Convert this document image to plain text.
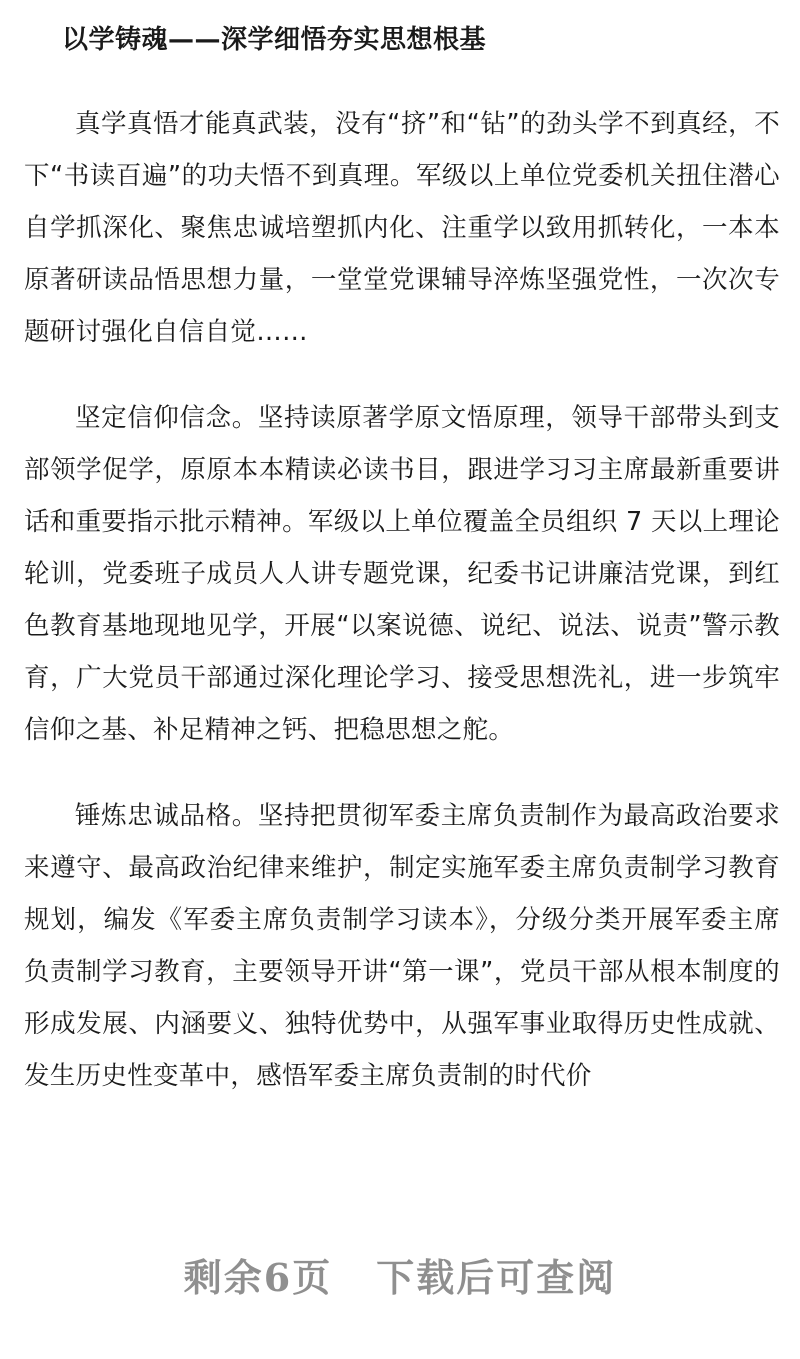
以学铸魂——深学细悟夯实思想根基

真学真悟才能真武装，没有“挤”和“钻”的劲头学不到真经，不下“书读百遍”的功夫悟不到真理。军级以上单位党委机关扭住潜心自学抓深化、聚焦忠诚培塑抓内化、注重学以致用抓转化，一本本原著研读品悟思想力量，一堂堂党课辅导淬炼坚强党性，一次次专题研讨强化自信自觉……

坚定信仰信念。坚持读原著学原文悟原理，领导干部带头到支部领学促学，原原本本精读必读书目，跟进学习习主席最新重要讲话和重要指示批示精神。军级以上单位覆盖全员组织 7 天以上理论轮训，党委班子成员人人讲专题党课，纪委书记讲廉洁党课，到红色教育基地现地见学，开展“以案说德、说纪、说法、说责”警示教育，广大党员干部通过深化理论学习、接受思想洗礼，进一步筑牢信仰之基、补足精神之钙、把稳思想之舵。

锤炼忠诚品格。坚持把贯彻军委主席负责制作为最高政治要求来遵守、最高政治纪律来维护，制定实施军委主席负责制学习教育规划，编发《军委主席负责制学习读本》，分级分类开展军委主席负责制学习教育，主要领导开讲“第一课”，党员干部从根本制度的形成发展、内涵要义、独特优势中，从强军事业取得历史性成就、发生历史性变革中，感悟军委主席负责制的时代价

剩余6页 下载后可查阅
